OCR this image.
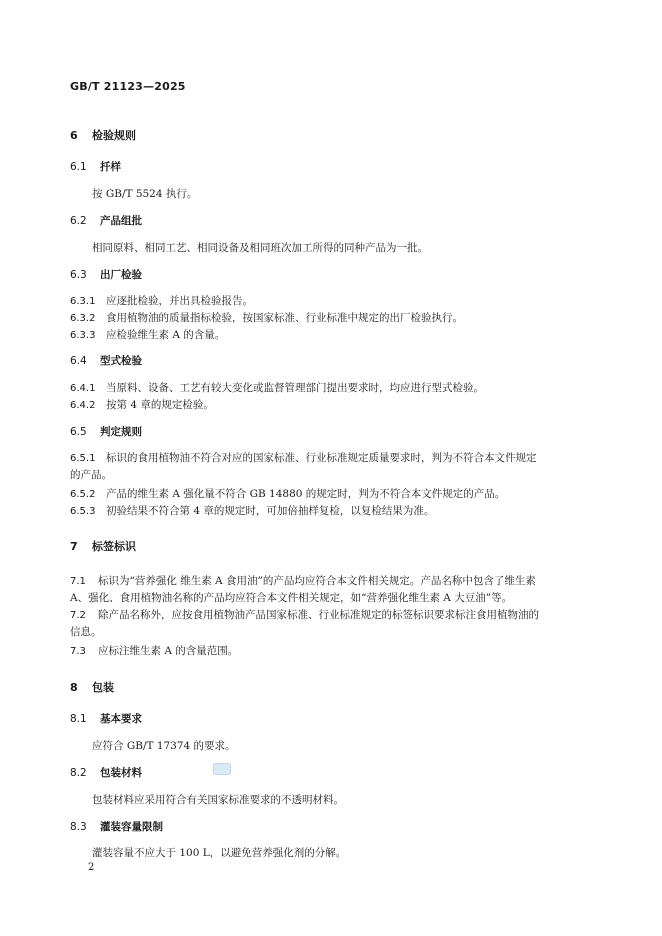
GB/T 21123—2025
6 检验规则
6.1 扦样
按 GB/T 5524 执行。
6.2 产品组批
相同原料、相同工艺、相同设备及相同班次加工所得的同种产品为一批。
6.3 出厂检验
6.3.1 应逐批检验，并出具检验报告。
6.3.2 食用植物油的质量指标检验，按国家标准、行业标准中规定的出厂检验执行。
6.3.3 应检验维生素 A 的含量。
6.4 型式检验
6.4.1 当原料、设备、工艺有较大变化或监督管理部门提出要求时，均应进行型式检验。
6.4.2 按第 4 章的规定检验。
6.5 判定规则
6.5.1 标识的食用植物油不符合对应的国家标准、行业标准规定质量要求时，判为不符合本文件规定
的产品。
6.5.2 产品的维生素 A 强化量不符合 GB 14880 的规定时，判为不符合本文件规定的产品。
6.5.3 初验结果不符合第 4 章的规定时，可加倍抽样复检，以复检结果为准。
7 标签标识
7.1 标识为“营养强化 维生素 A 食用油”的产品均应符合本文件相关规定。产品名称中包含了维生素
A、强化、食用植物油名称的产品均应符合本文件相关规定，如“营养强化维生素 A 大豆油”等。
7.2 除产品名称外，应按食用植物油产品国家标准、行业标准规定的标签标识要求标注食用植物油的
信息。
7.3 应标注维生素 A 的含量范围。
8 包装
8.1 基本要求
应符合 GB/T 17374 的要求。
8.2 包装材料
包装材料应采用符合有关国家标准要求的不透明材料。
8.3 灌装容量限制
灌装容量不应大于 100 L，以避免营养强化剂的分解。
2
